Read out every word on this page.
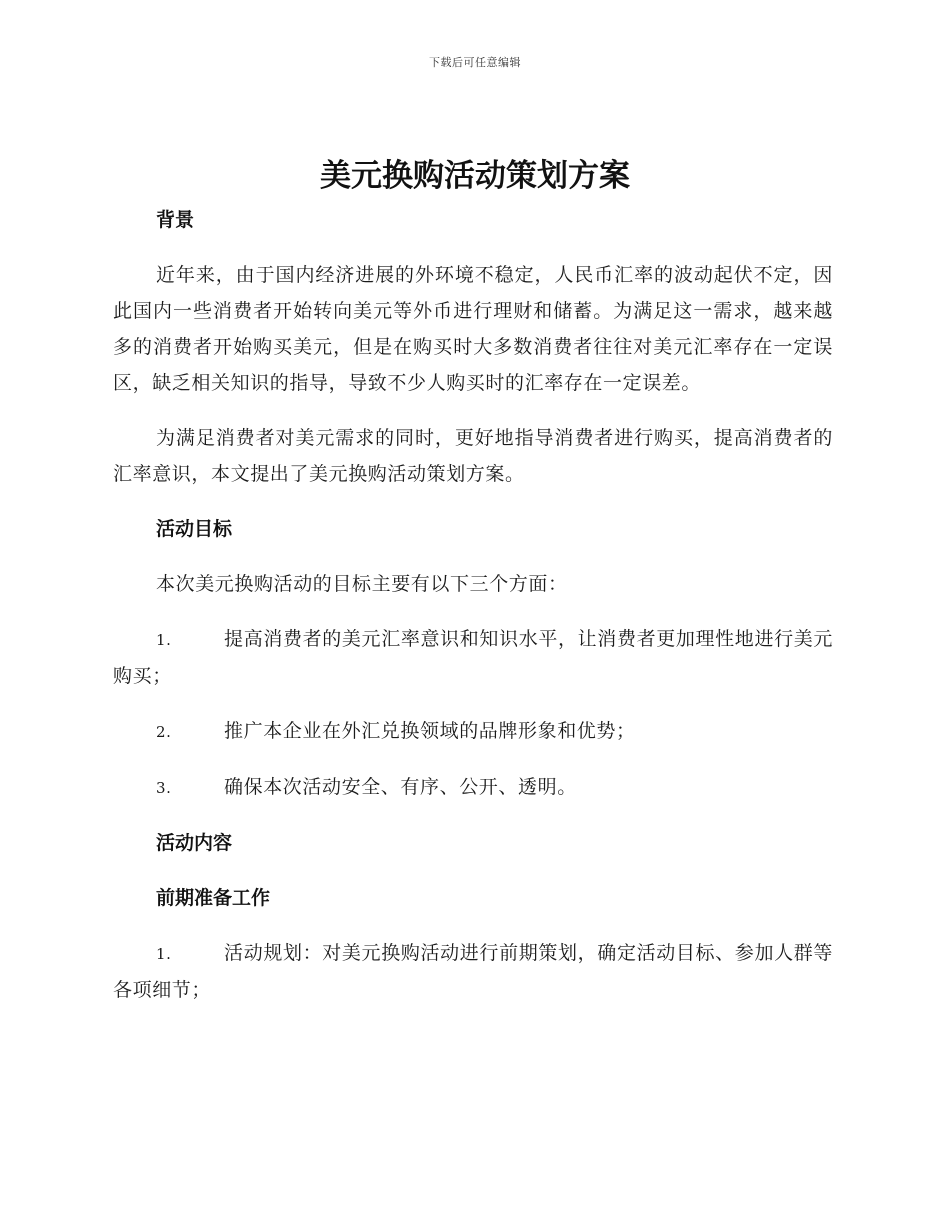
下载后可任意编辑
美元换购活动策划方案

背景

近年来，由于国内经济进展的外环境不稳定，人民币汇率的波动起伏不定，因此国内一些消费者开始转向美元等外币进行理财和储蓄。为满足这一需求，越来越多的消费者开始购买美元，但是在购买时大多数消费者往往对美元汇率存在一定误区，缺乏相关知识的指导，导致不少人购买时的汇率存在一定误差。

为满足消费者对美元需求的同时，更好地指导消费者进行购买，提高消费者的汇率意识，本文提出了美元换购活动策划方案。

活动目标

本次美元换购活动的目标主要有以下三个方面：

1.	提高消费者的美元汇率意识和知识水平，让消费者更加理性地进行美元购买；

2.	推广本企业在外汇兑换领域的品牌形象和优势；

3.	确保本次活动安全、有序、公开、透明。

活动内容

前期准备工作

1.	活动规划：对美元换购活动进行前期策划，确定活动目标、参加人群等各项细节；
